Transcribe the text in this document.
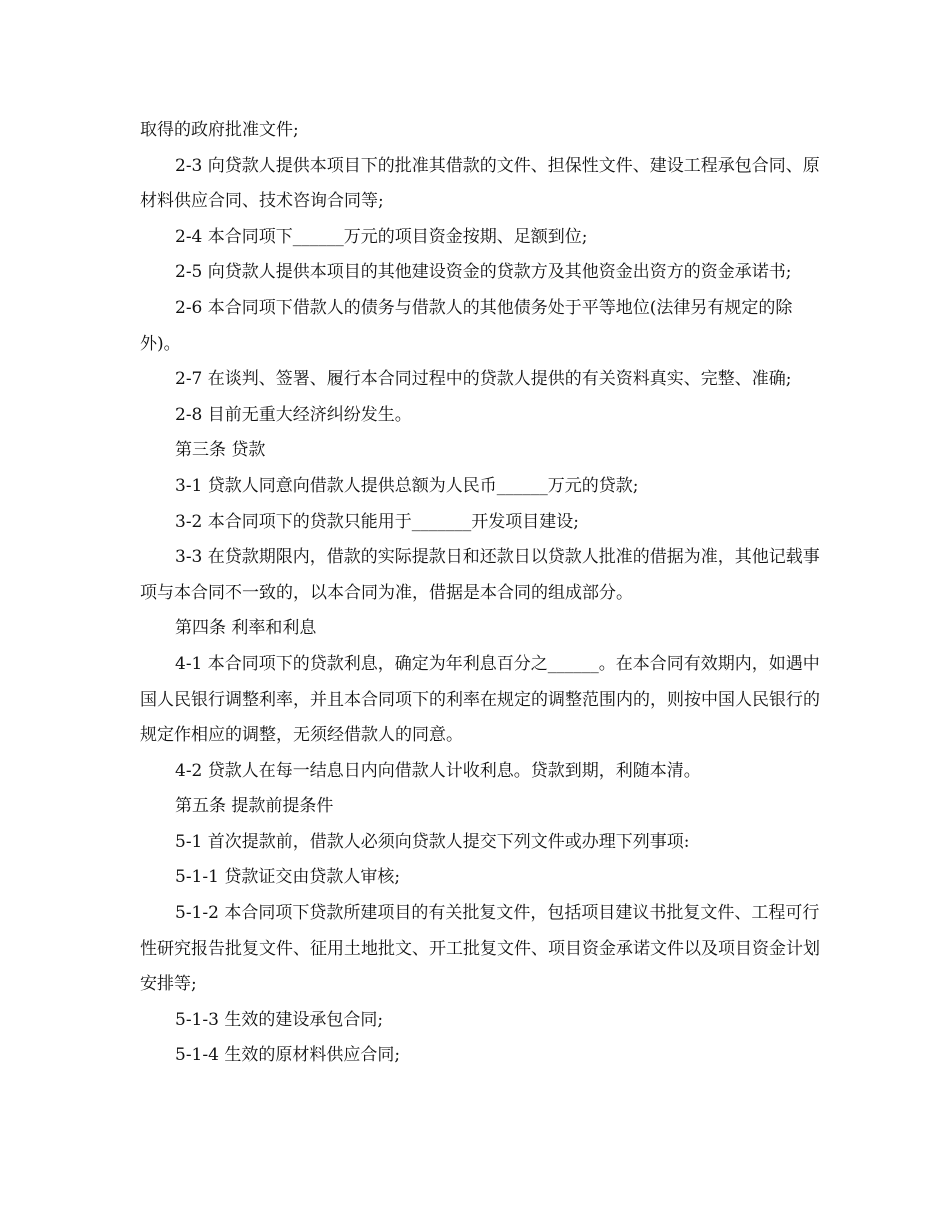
取得的政府批准文件;

2-3 向贷款人提供本项目下的批准其借款的文件、担保性文件、建设工程承包合同、原材料供应合同、技术咨询合同等;

2-4 本合同项下______万元的项目资金按期、足额到位;

2-5 向贷款人提供本项目的其他建设资金的贷款方及其他资金出资方的资金承诺书;

2-6 本合同项下借款人的债务与借款人的其他债务处于平等地位(法律另有规定的除外)。

2-7 在谈判、签署、履行本合同过程中的贷款人提供的有关资料真实、完整、准确;

2-8 目前无重大经济纠纷发生。

第三条 贷款

3-1 贷款人同意向借款人提供总额为人民币______万元的贷款;

3-2 本合同项下的贷款只能用于_______开发项目建设;

3-3 在贷款期限内，借款的实际提款日和还款日以贷款人批准的借据为准，其他记载事项与本合同不一致的，以本合同为准，借据是本合同的组成部分。

第四条 利率和利息

4-1 本合同项下的贷款利息，确定为年利息百分之______。在本合同有效期内，如遇中国人民银行调整利率，并且本合同项下的利率在规定的调整范围内的，则按中国人民银行的规定作相应的调整，无须经借款人的同意。

4-2 贷款人在每一结息日内向借款人计收利息。贷款到期，利随本清。

第五条 提款前提条件

5-1 首次提款前，借款人必须向贷款人提交下列文件或办理下列事项:

5-1-1 贷款证交由贷款人审核;

5-1-2 本合同项下贷款所建项目的有关批复文件，包括项目建议书批复文件、工程可行性研究报告批复文件、征用土地批文、开工批复文件、项目资金承诺文件以及项目资金计划安排等;

5-1-3 生效的建设承包合同;

5-1-4 生效的原材料供应合同;
